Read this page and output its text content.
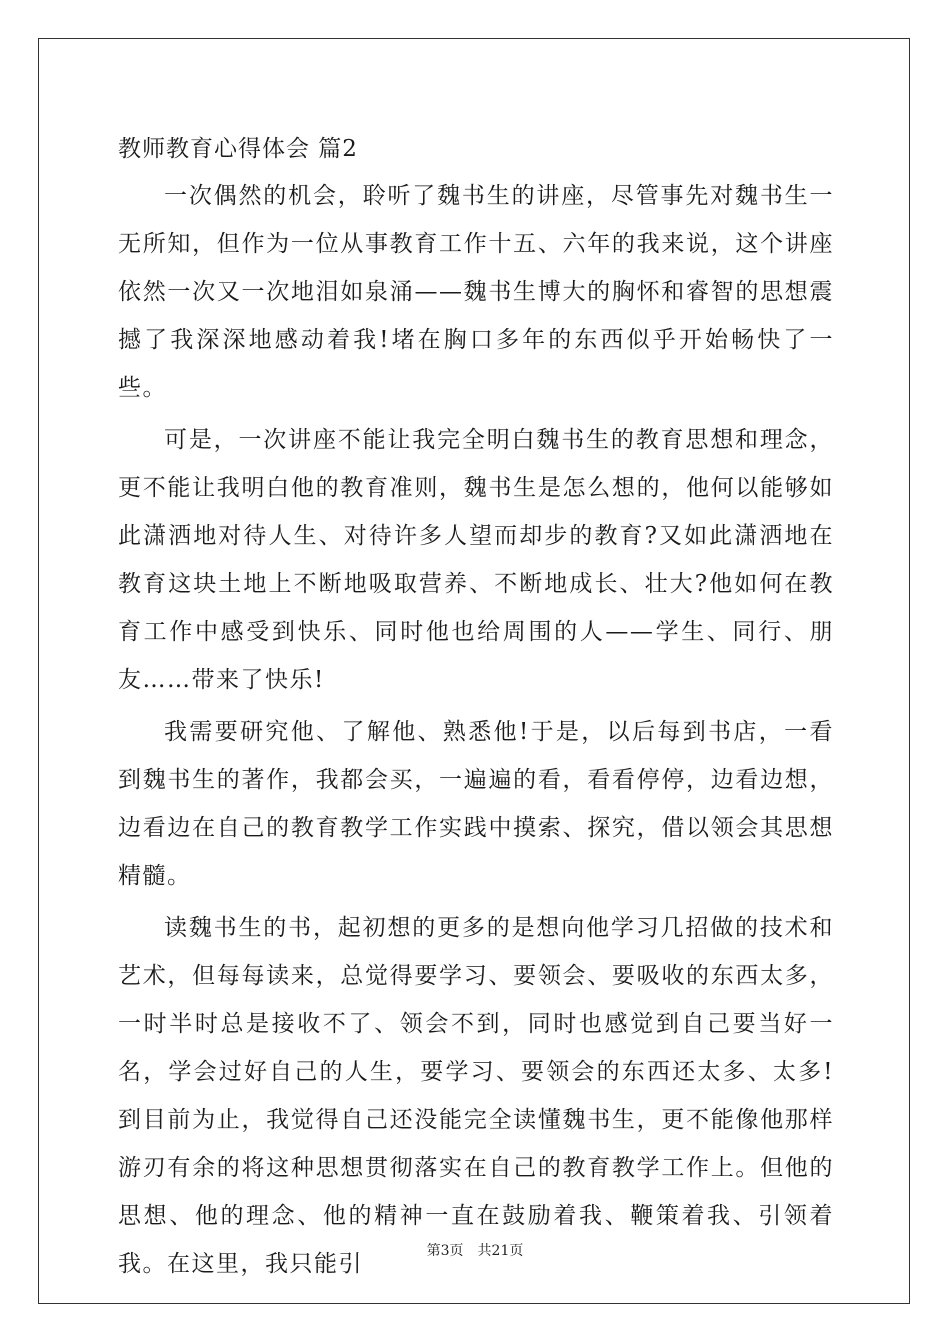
教师教育心得体会 篇2

一次偶然的机会，聆听了魏书生的讲座，尽管事先对魏书生一无所知，但作为一位从事教育工作十五、六年的我来说，这个讲座依然一次又一次地泪如泉涌——魏书生博大的胸怀和睿智的思想震撼了我深深地感动着我!堵在胸口多年的东西似乎开始畅快了一些。

可是，一次讲座不能让我完全明白魏书生的教育思想和理念，更不能让我明白他的教育准则，魏书生是怎么想的，他何以能够如此潇洒地对待人生、对待许多人望而却步的教育?又如此潇洒地在教育这块土地上不断地吸取营养、不断地成长、壮大?他如何在教育工作中感受到快乐、同时他也给周围的人——学生、同行、朋友……带来了快乐!

我需要研究他、了解他、熟悉他!于是，以后每到书店，一看到魏书生的著作，我都会买，一遍遍的看，看看停停，边看边想，边看边在自己的教育教学工作实践中摸索、探究，借以领会其思想精髓。

读魏书生的书，起初想的更多的是想向他学习几招做的技术和艺术，但每每读来，总觉得要学习、要领会、要吸收的东西太多，一时半时总是接收不了、领会不到，同时也感觉到自己要当好一名，学会过好自己的人生，要学习、要领会的东西还太多、太多!到目前为止，我觉得自己还没能完全读懂魏书生，更不能像他那样游刃有余的将这种思想贯彻落实在自己的教育教学工作上。但他的思想、他的理念、他的精神一直在鼓励着我、鞭策着我、引领着我。在这里，我只能引	第3页 共21页
